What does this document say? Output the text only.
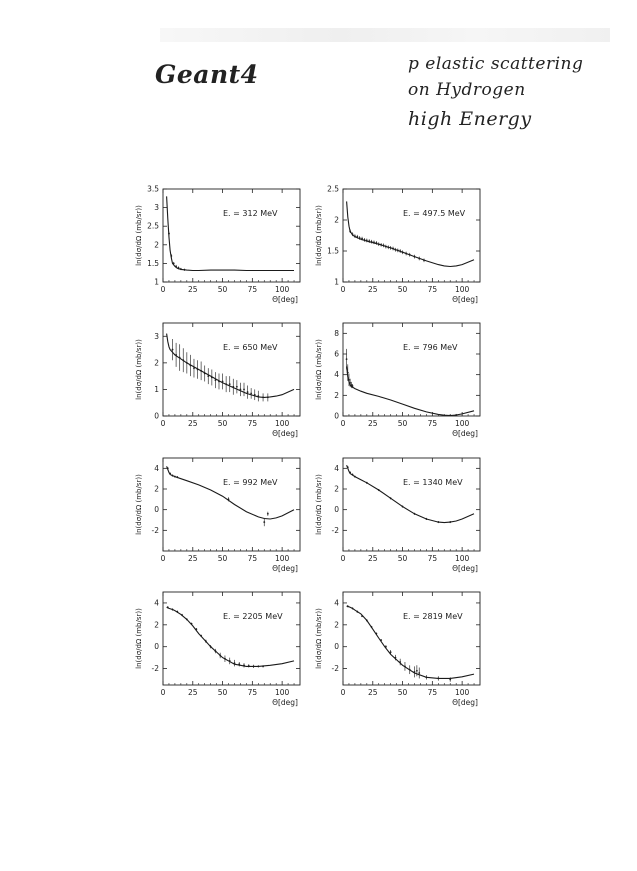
Geant4	p elastic scattering
on Hydrogen
high Energy
0	25	50	75 100
1
1.5
2
2.5
3
3.5
ln(dσ/dΩ (mb/sr))
Θ[deg]
E. = 312 MeV
0	25	50	75 100
1
1.5
2
2.5
ln(dσ/dΩ (mb/sr))
Θ[deg]
E. = 497.5 MeV
0	25	50	75 100
0
1
2
3
ln(dσ/dΩ (mb/sr))
Θ[deg]
E. = 650 MeV
0	25	50	75 100
0
2
4
6
8
ln(dσ/dΩ (mb/sr))
Θ[deg]
E. = 796 MeV
0	25	50	75 100
-2
0
2
4
ln(dσ/dΩ (mb/sr))
Θ[deg]
E. = 992 MeV
0	25	50	75 100
-2
0
2
4
ln(dσ/dΩ (mb/sr))
Θ[deg]
E. = 1340 MeV
0	25	50	75 100
-2
0
2
4
ln(dσ/dΩ (mb/sr))
Θ[deg]
E. = 2205 MeV
0	25	50	75 100
-2
0
2
4
ln(dσ/dΩ (mb/sr))
Θ[deg]
E. = 2819 MeV
